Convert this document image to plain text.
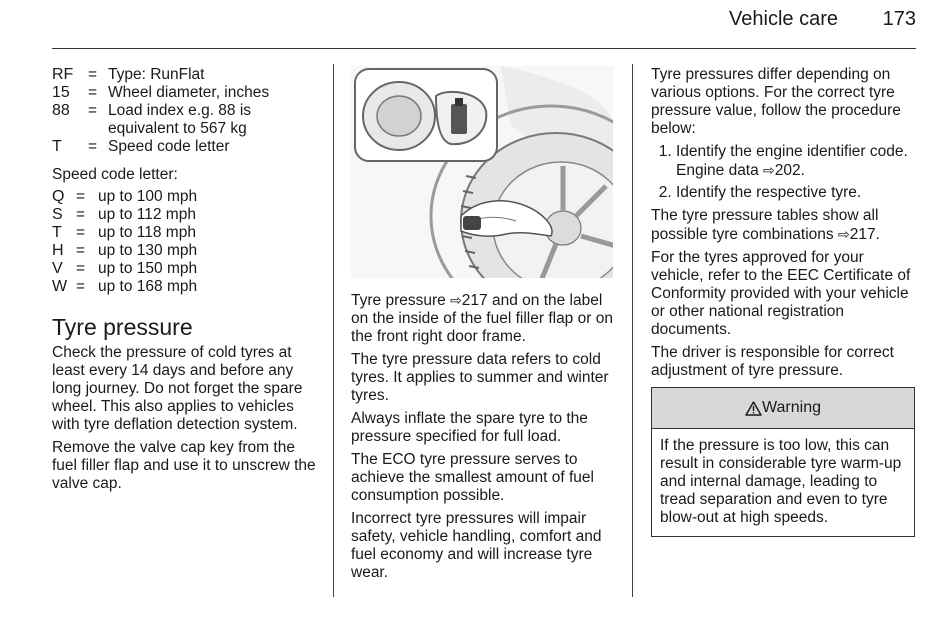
Vehicle care 173
RF = Type: RunFlat
15	= Wheel diameter, inches
88	= Load index e.g. 88 is equivalent to 567 kg
T	= Speed code letter

Speed code letter:

Q = up to 100 mph
S = up to 112 mph
T = up to 118 mph
H = up to 130 mph
V = up to 150 mph
W = up to 168 mph
Tyre pressure

Check the pressure of cold tyres at least every 14 days and before any long journey. Do not forget the spare wheel. This also applies to vehicles with tyre deflation detection system.

Remove the valve cap key from the fuel filler flap and use it to unscrew the valve cap.

Tyre pressure ⇨217 and on the label on the inside of the fuel filler flap or on the front right door frame.

The tyre pressure data refers to cold tyres. It applies to summer and winter tyres.

Always inflate the spare tyre to the pressure specified for full load.

The ECO tyre pressure serves to achieve the smallest amount of fuel consumption possible.

Incorrect tyre pressures will impair safety, vehicle handling, comfort and fuel economy and will increase tyre wear.

Tyre pressures differ depending on various options. For the correct tyre pressure value, follow the procedure below:

1. Identify the engine identifier code. Engine data ⇨202.
2. Identify the respective tyre.

The tyre pressure tables show all possible tyre combinations ⇨217.

For the tyres approved for your vehicle, refer to the EEC Certificate of Conformity provided with your vehicle or other national registration documents.

The driver is responsible for correct adjustment of tyre pressure.

Warning
If the pressure is too low, this can result in considerable tyre warm-up and internal damage, leading to tread separation and even to tyre blow-out at high speeds.
